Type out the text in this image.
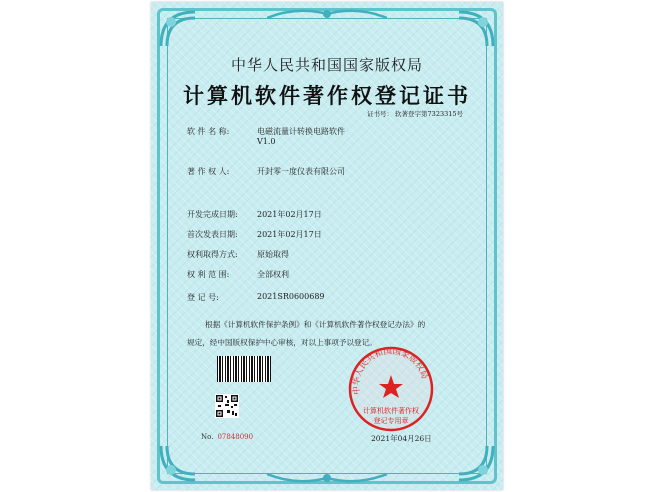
中华人民共和国国家版权局
计算机软件著作权登记证书
证书号： 软著登字第7323315号
软 件 名 称:	电磁流量计转换电路软件
V1.0
著 作 权 人:	开封零一度仪表有限公司
开发完成日期: 2021年02月17日
首次发表日期: 2021年02月17日
权利取得方式: 原始取得
权 利 范 围:	全部权利
登 记 号:	2021SR0600689
根据《计算机软件保护条例》和《计算机软件著作权登记办法》的
规定，经中国版权保护中心审核，对以上事项予以登记。
No. 07848090
中华人民共和国国家版权局
计算机软件著作权
登记专用章
2021年04月26日
